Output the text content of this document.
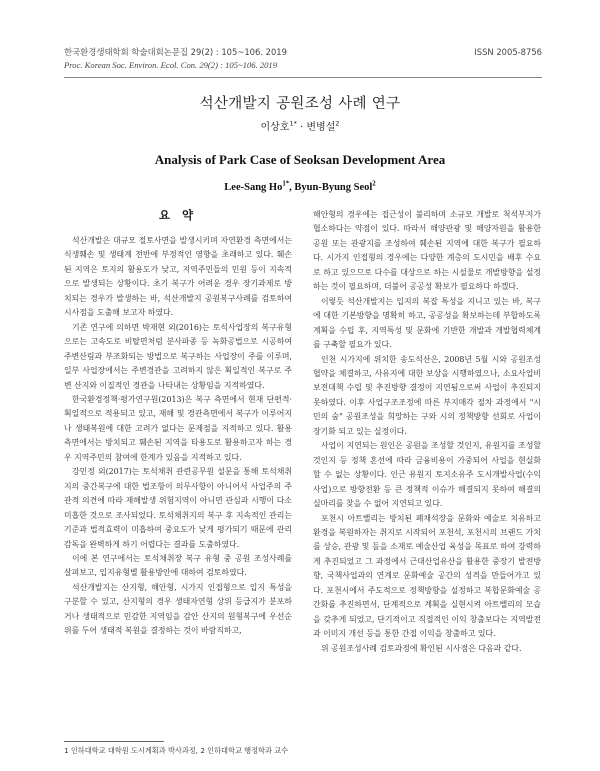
한국환경생태학회 학술대회논문집 29(2) : 105~106. 2019
Proc. Korean Soc. Environ. Ecol. Con. 29(2) : 105~106. 2019
ISSN 2005-8756
석산개발지 공원조성 사례 연구
이상호$^{1*}$ · 변병설$^2$
Analysis of Park Case of Seoksan Development Area
Lee-Sang $Ho^{1*}$, Byun-Byung Seol$^2$
요 약

석산개발은 대규모 절토사면을 발생시키며 자연환경 측면에서는 식생훼손 및 생태계 전반에 부정적인 영향을 초래하고 있다. 훼손된 지역은 토지의 활용도가 낮고, 지역주민들의 민원 등이 지속적으로 발생되는 상황이다. 초기 복구가 어려운 경우 장기과제로 방치되는 경우가 발생하는 바, 석산개발지 공원복구사례를 검토하여 시사점을 도출해 보고자 하였다.

기존 연구에 의하면 박재현 외(2016)는 토석사업장의 복구유형으로는 고속도로 비탈면처럼 분사파종 등 녹화공법으로 시공하여 주변산림과 부조화되는 방법으로 복구하는 사업장이 주를 이루며, 일부 사업장에서는 주변경관을 고려하지 않은 획일적인 복구로 주변 산지와 이질적인 경관을 나타내는 상황임을 지적하였다.

한국환경정책·평가연구원(2013)은 복구 측면에서 현재 단편적·획일적으로 적용되고 있고, 재해 및 경관측면에서 복구가 이루어지나 생태복원에 대한 고려가 없다는 문제점을 지적하고 있다. 활용측면에서는 방치되고 훼손된 지역을 타용도로 활용하고자 하는 경우 지역주민의 참여에 한계가 있음을 지적하고 있다.

강민정 외(2017)는 토석채취 관련공무원 설문을 통해 토석채취지의 중간복구에 대한 법조항이 의무사항이 아니어서 사업주의 주관적 의견에 따라 재해발생 위험지역이 아니면 관심과 시행이 다소 미흡한 것으로 조사되었다. 토석채취지의 복구 후 지속적인 관리는 기준과 법적효력이 미흡하여 중요도가 낮게 평가되기 때문에 관리감독을 완벽하게 하기 어렵다는 결과를 도출하였다.

이에 본 연구에서는 토석채취장 복구 유형 중 공원 조성사례를 살펴보고, 입지유형별 활용방안에 대하여 검토하였다.

석산개발지는 산지형, 해안형, 시가지 인접형으로 입지 특성을 구분할 수 있고, 산지형의 경우 생태자연형 상위 등급지가 분포하거나 생태적으로 민감한 지역임을 감안 산지의 원형복구에 우선순위를 두어 생태적 복원을 결정하는 것이 바람직하고,

해안형의 경우에는 접근성이 불리하며 소규모 개발로 척석부지가 협소하다는 약점이 있다. 따라서 해양관광 및 해양자원을 활용한 공원 또는 관광지를 조성하여 훼손된 지역에 대한 복구가 필요하다. 시가지 인접형의 경우에는 다양한 계층의 도시민을 배후 수요로 하고 있으므로 다수를 대상으로 하는 시설물로 개발방향을 설정하는 것이 필요하며, 더불어 공공성 확보가 필요하다 하겠다.

이렇듯 석산개발지는 입지의 복잡 특성을 지니고 있는 바, 복구에 대한 기본방향을 명확히 하고, 공공성을 확보하는데 부합하도록 계획을 수립 후, 지역특성 및 문화에 기반한 개발과 개발협력체계를 구축할 필요가 있다.

인천 시가지에 위치한 송도석산은, 2008년 5월 시와 공원조성 협약을 체결하고, 사유지에 대한 보상을 시행하였으나, 소요사업비 보전대책 수립 및 추진방향 결정이 지연됨으로써 사업이 추진되지 못하였다. 이후 사업구조조정에 따른 부지매각 절차 과정에서 "시민의 숲" 공원조성을 희망하는 구와 시의 정책방향 선회로 사업이 장기화 되고 있는 실정이다.

사업이 지연되는 원인은 공원을 조성할 것인지, 유원지를 조성할 것인지 등 정책 혼선에 따라 금융비용이 가중되어 사업을 현실화 할 수 없는 상황이다. 인근 유원지 토지소유주 도시개발사업(수익사업)으로 방향전환 등 큰 정책적 이슈가 해결되지 못하여 해결의 실마리를 찾을 수 없어 지연되고 있다.

포천시 아트밸리는 방치된 폐채석장을 문화와 예술로 치유하고 환경을 복원하자는 취지로 시작되어 포천석, 포천시의 브랜드 가치를 상승, 관광 및 돌을 소재로 예술산업 육성을 목표로 하여 강력하게 추진되었고 그 과정에서 근대산업유산을 활용한 중장기 발전방향, 국책사업과의 연계로 문화예술 공간의 성격을 만들어가고 있다. 포천시에서 주도적으로 정책방향을 설정하고 복합문화예술 공간화를 추진하면서, 단계적으로 계획을 실현시켜 아트밸리의 모습을 갖추게 되었고, 단기적이고 직접적인 이익 창출보다는 지역발전과 이미지 개선 등을 통한 간접 이익을 창출하고 있다.

위 공원조성사례 검토과정에 확인된 시사점은 다음과 같다.

1 인하대학교 대학원 도시계획과 박사과정, 2 인하대학교 행정학과 교수
